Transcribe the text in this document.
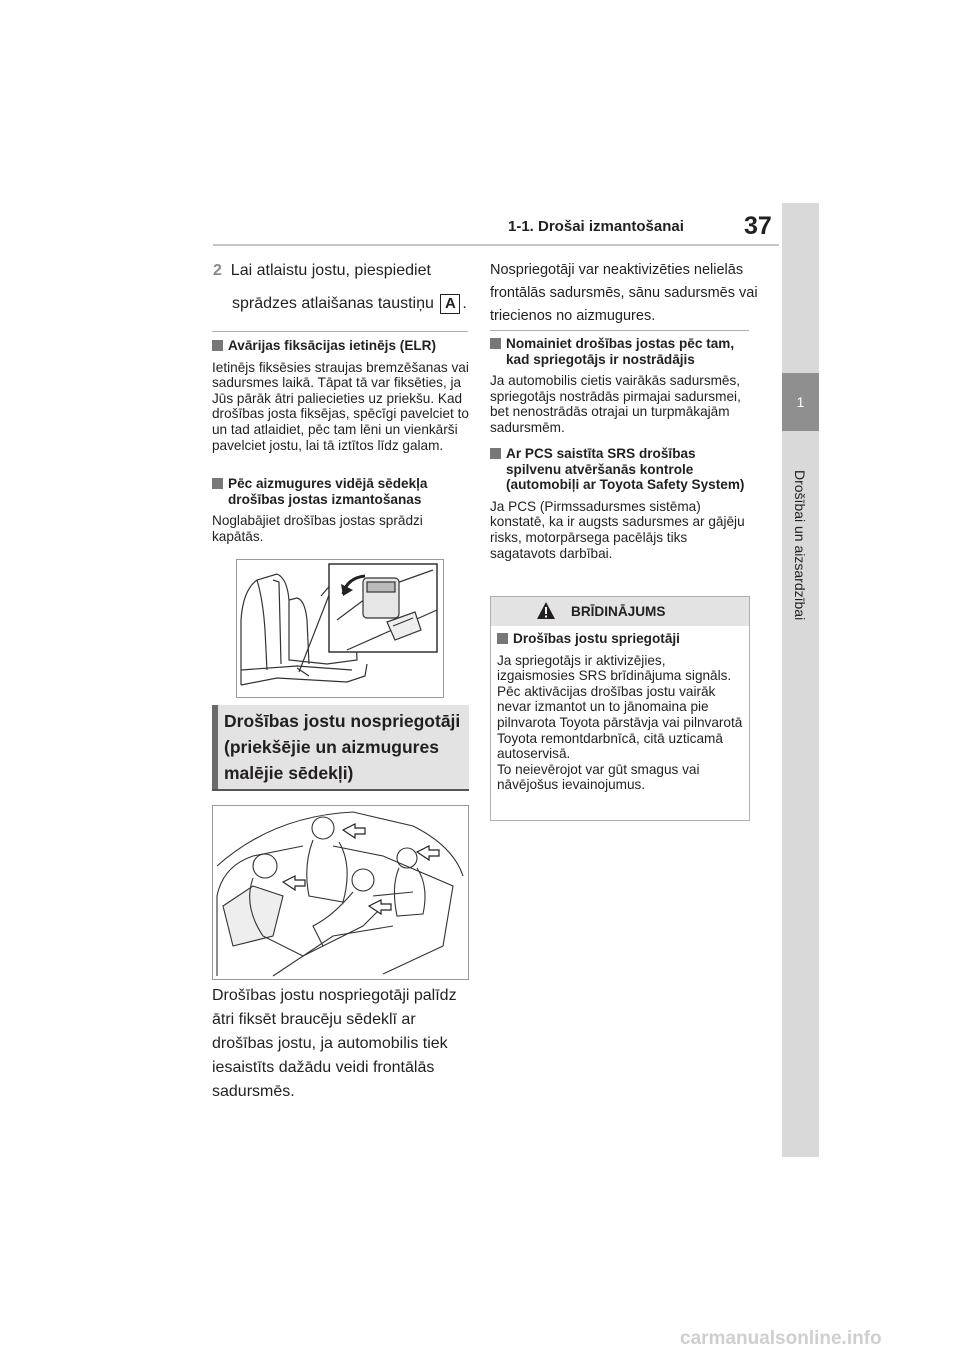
1-1. Drošai izmantošanai 37
1
Drošībai un aizsardzībai
2 Lai atlaistu jostu, piespiediet
sprādzes atlaišanas taustiņu A .
Avārijas fiksācijas ietinējs (ELR)
Ietinējs fiksēsies straujas bremzēšanas vai sadursmes laikā. Tāpat tā var fiksēties, ja Jūs pārāk ātri paliecieties uz priekšu. Kad drošības josta fiksējas, spēcīgi pavelciet to un tad atlaidiet, pēc tam lēni un vienkārši pavelciet jostu, lai tā iztītos līdz galam.
Pēc aizmugures vidējā sēdekļa drošības jostas izmantošanas
Noglabājiet drošības jostas sprādzi kapātās.
Drošības jostu nospriegotāji
(priekšējie un aizmugures
malējie sēdekļi)
Drošības jostu nospriegotāji palīdz ātri fiksēt braucēju sēdeklī ar drošības jostu, ja automobilis tiek iesaistīts dažādu veidi frontālās sadursmēs.
Nospriegotāji var neaktivizēties nelielās frontālās sadursmēs, sānu sadursmēs vai triecienos no aizmugures.
Nomainiet drošības jostas pēc tam, kad spriegotājs ir nostrādājis
Ja automobilis cietis vairākās sadursmēs, spriegotājs nostrādās pirmajai sadursmei, bet nenostrādās otrajai un turpmākajām sadursmēm.
Ar PCS saistīta SRS drošības spilvenu atvēršanās kontrole (automobiļi ar Toyota Safety System)
Ja PCS (Pirmssadursmes sistēma) konstatē, ka ir augsts sadursmes ar gājēju risks, motorpārsega pacēlājs tiks sagatavots darbībai.
BRĪDINĀJUMS
Drošības jostu spriegotāji
Ja spriegotājs ir aktivizējies, izgaismosies SRS brīdinājuma signāls. Pēc aktivācijas drošības jostu vairāk nevar izmantot un to jānomaina pie pilnvarota Toyota pārstāvja vai pilnvarotā Toyota remontdarbnīcā, citā uzticamā autoservisā.
To neievērojot var gūt smagus vai nāvējošus ievainojumus.
carmanualsonline.info
